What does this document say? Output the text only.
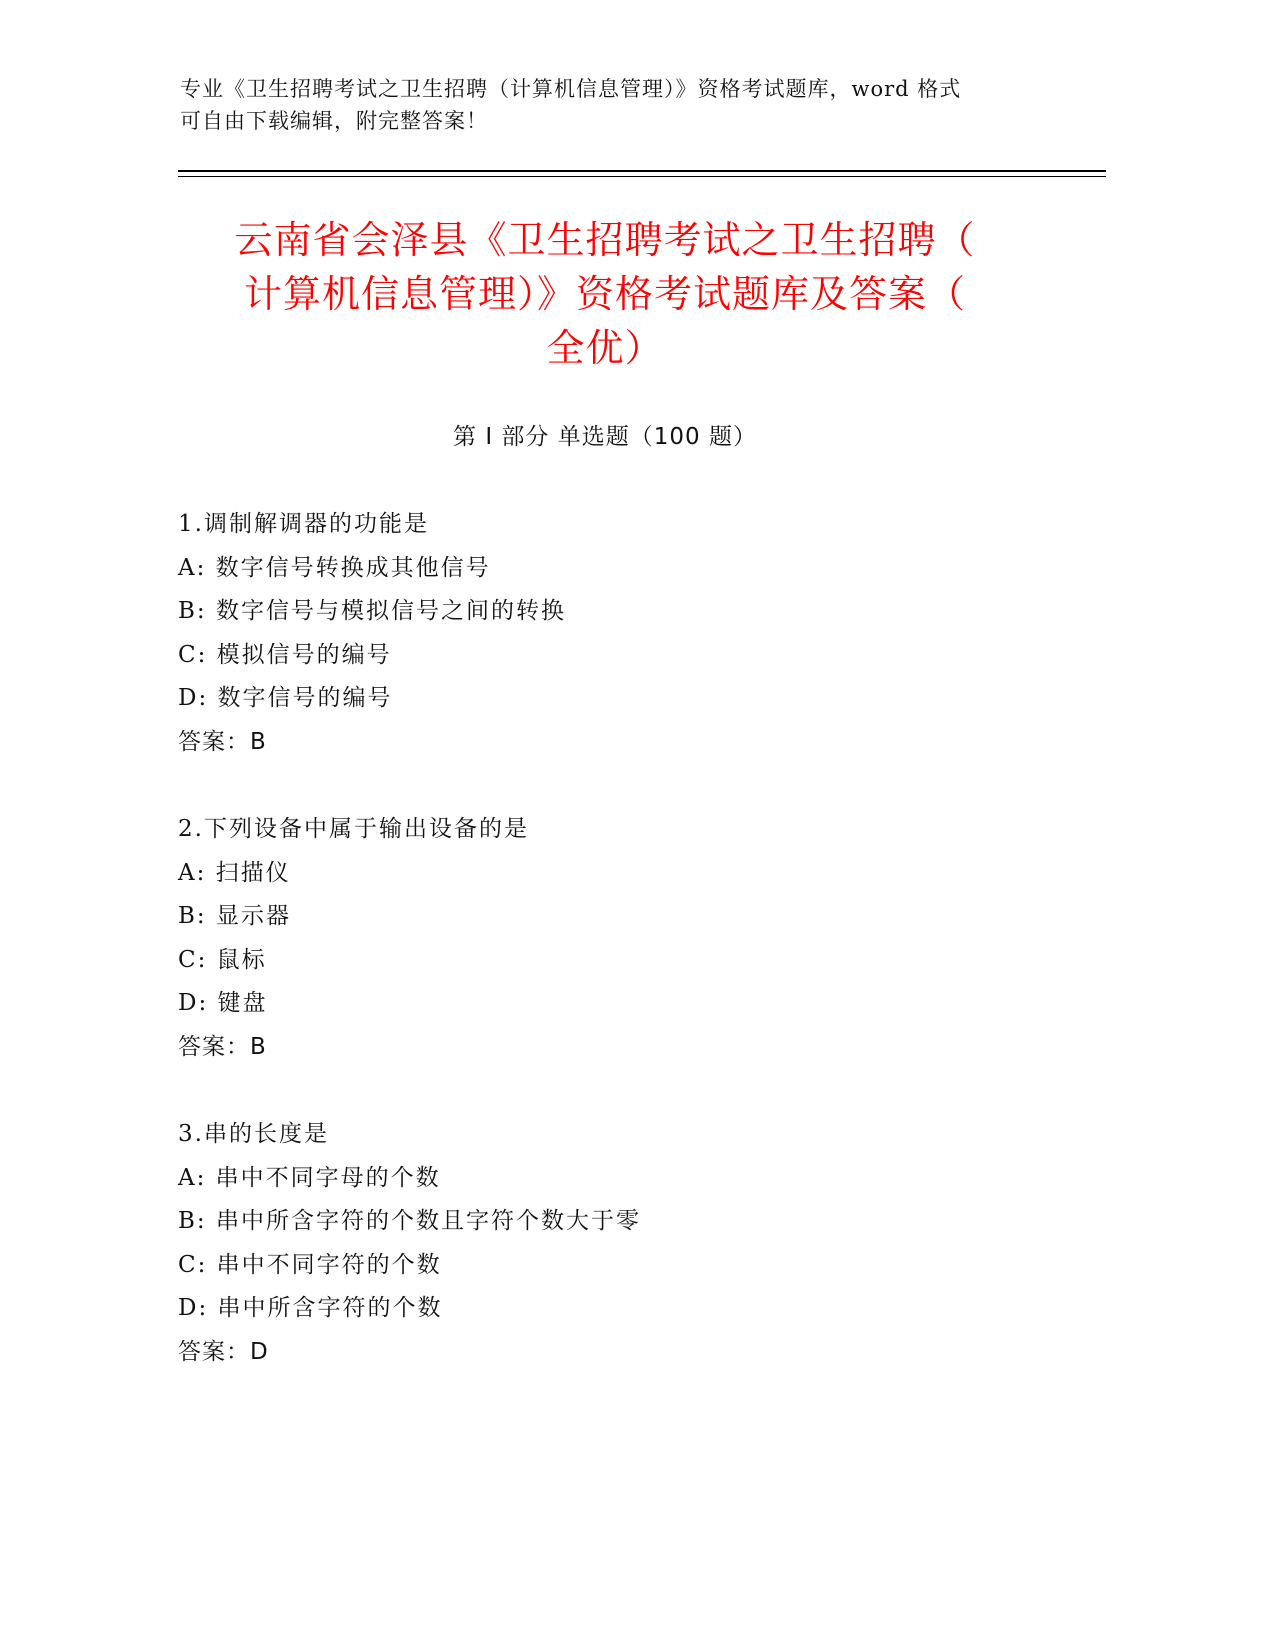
专业《卫生招聘考试之卫生招聘（计算机信息管理）》资格考试题库，word 格式
可自由下载编辑，附完整答案！
云南省会泽县《卫生招聘考试之卫生招聘（
计算机信息管理）》资格考试题库及答案（
全优）
第 I 部分 单选题（100 题）
1.调制解调器的功能是
A: 数字信号转换成其他信号
B: 数字信号与模拟信号之间的转换
C: 模拟信号的编号
D: 数字信号的编号
答案：B
2.下列设备中属于输出设备的是
A: 扫描仪
B: 显示器
C: 鼠标
D: 键盘
答案：B
3.串的长度是
A: 串中不同字母的个数
B: 串中所含字符的个数且字符个数大于零
C: 串中不同字符的个数
D: 串中所含字符的个数
答案：D
